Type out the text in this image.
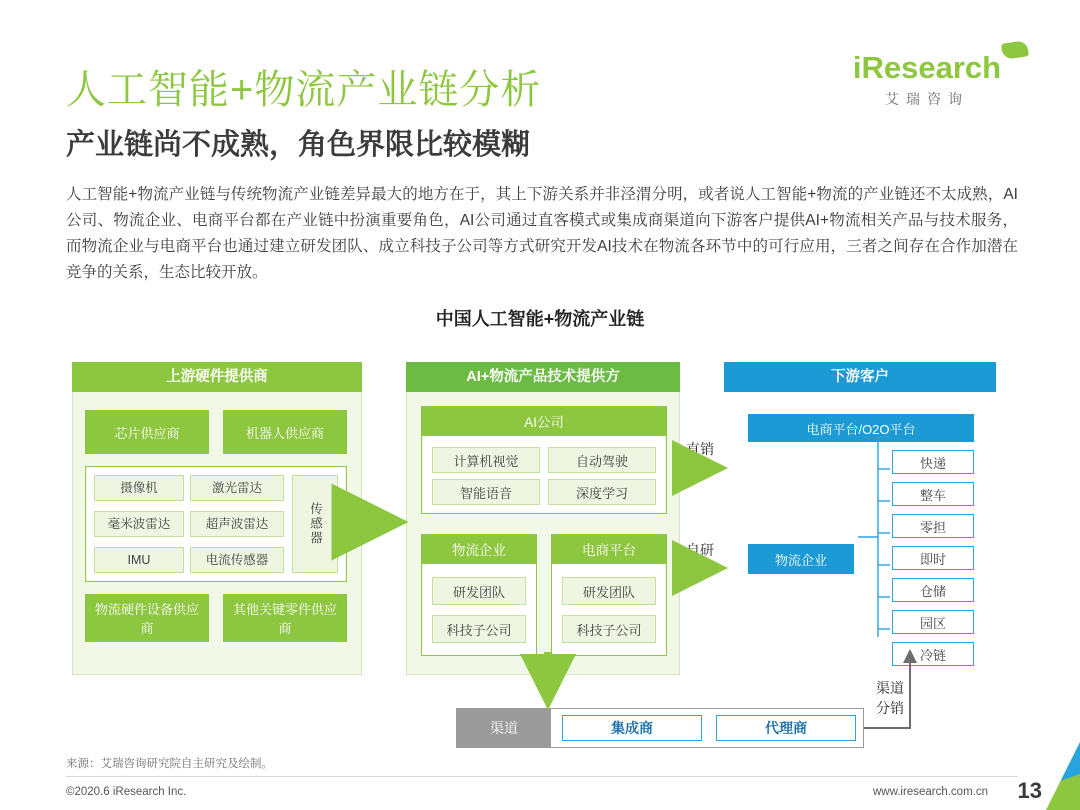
人工智能+物流产业链分析
产业链尚不成熟，角色界限比较模糊
iResearch
艾瑞咨询
人工智能+物流产业链与传统物流产业链差异最大的地方在于，其上下游关系并非泾渭分明，或者说人工智能+物流的产业链还不太成熟，AI公司、物流企业、电商平台都在产业链中扮演重要角色，AI公司通过直客模式或集成商渠道向下游客户提供AI+物流相关产品与技术服务，而物流企业与电商平台也通过建立研发团队、成立科技子公司等方式研究开发AI技术在物流各环节中的可行应用，三者之间存在合作加潜在竞争的关系，生态比较开放。
中国人工智能+物流产业链
上游硬件提供商
芯片供应商	机器人供应商
摄像机	激光雷达
毫米波雷达	超声波雷达
IMU	电流传感器
传感器
物流硬件设备供应商
其他关键零件供应商
AI+物流产品技术提供方
AI公司
计算机视觉	自动驾驶
智能语音	深度学习
物流企业
研发团队
科技子公司
电商平台
研发团队
科技子公司
下游客户
电商平台/O2O平台
物流企业
快递
整车
零担
即时
仓储
园区
冷链
渠道	集成商	代理商
直销
自研自用
渠道分销
来源：艾瑞咨询研究院自主研究及绘制。
©2020.6 iResearch Inc.	www.iresearch.com.cn 13
